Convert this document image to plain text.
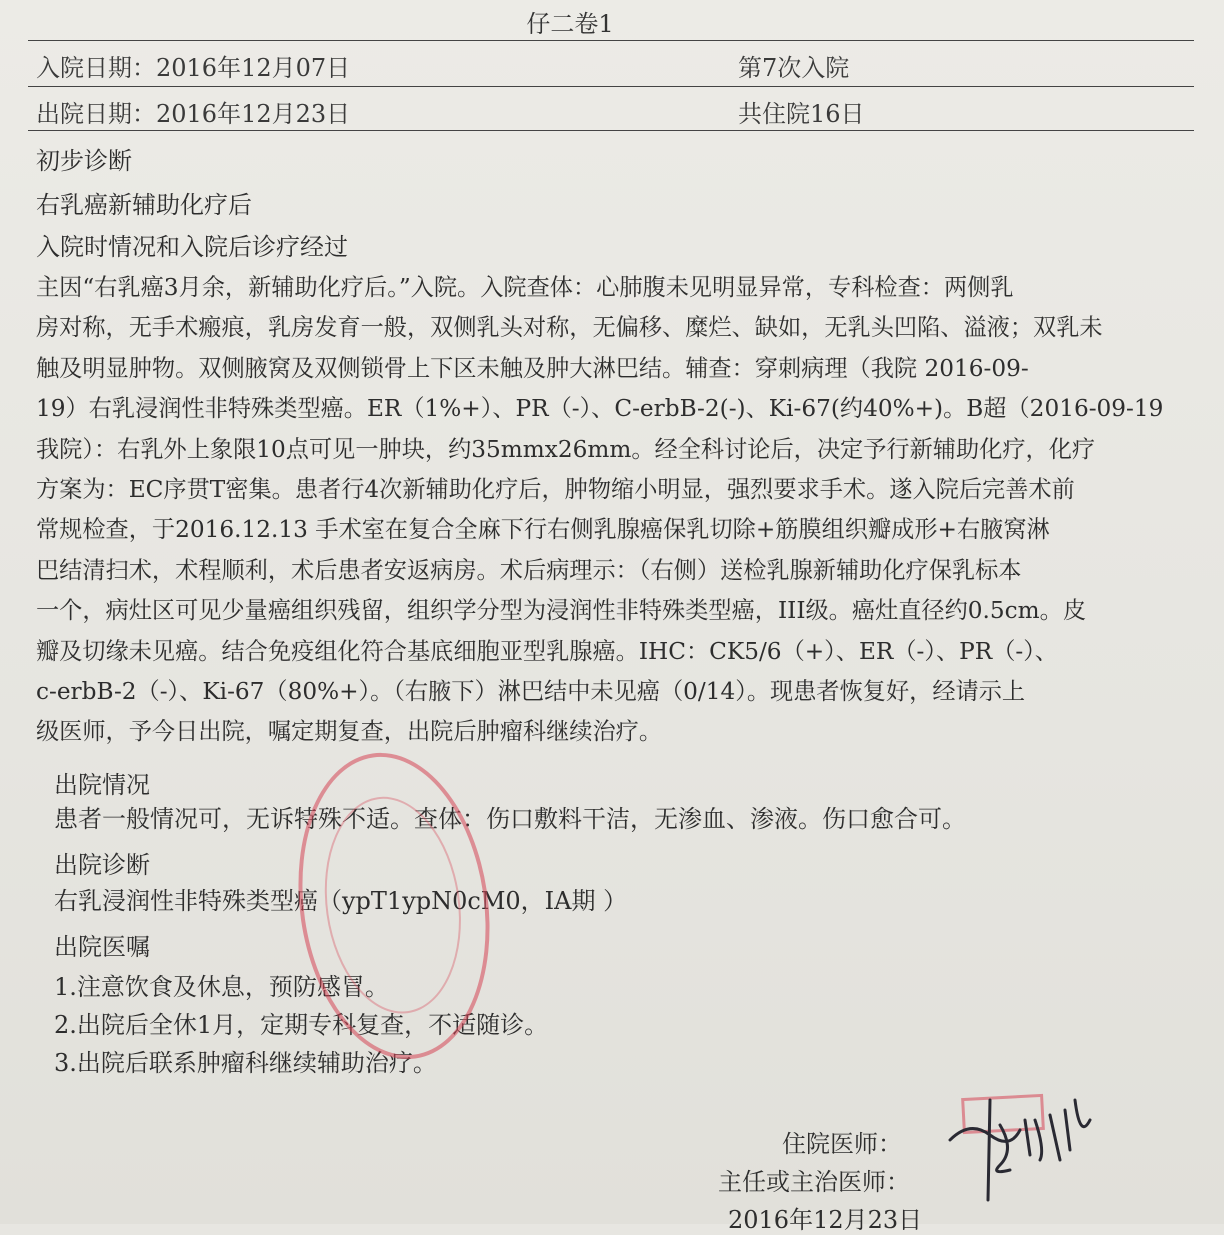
仔二卷1
入院日期：2016年12月07日	第7次入院
出院日期：2016年12月23日	共住院16日
初步诊断
右乳癌新辅助化疗后
入院时情况和入院后诊疗经过
主因“右乳癌3月余，新辅助化疗后。”入院。入院查体：心肺腹未见明显异常，专科检查：两侧乳
房对称，无手术瘢痕，乳房发育一般，双侧乳头对称，无偏移、糜烂、缺如，无乳头凹陷、溢液；双乳未
触及明显肿物。双侧腋窝及双侧锁骨上下区未触及肿大淋巴结。辅查：穿刺病理（我院 2016-09-
19）右乳浸润性非特殊类型癌。ER（1%+）、PR（-）、C-erbB-2(-)、Ki-67(约40%+)。B超（2016-09-19
我院）：右乳外上象限10点可见一肿块，约35mmx26mm。经全科讨论后，决定予行新辅助化疗，化疗
方案为：EC序贯T密集。患者行4次新辅助化疗后，肿物缩小明显，强烈要求手术。遂入院后完善术前
常规检查，于2016.12.13 手术室在复合全麻下行右侧乳腺癌保乳切除+筋膜组织瓣成形+右腋窝淋
巴结清扫术，术程顺利，术后患者安返病房。术后病理示：（右侧）送检乳腺新辅助化疗保乳标本
一个，病灶区可见少量癌组织残留，组织学分型为浸润性非特殊类型癌，III级。癌灶直径约0.5cm。皮
瓣及切缘未见癌。结合免疫组化符合基底细胞亚型乳腺癌。IHC：CK5/6（+）、ER（-）、PR（-）、
c-erbB-2（-）、Ki-67（80%+）。（右腋下）淋巴结中未见癌（0/14）。现患者恢复好，经请示上
级医师，予今日出院，嘱定期复查，出院后肿瘤科继续治疗。
出院情况
患者一般情况可，无诉特殊不适。查体：伤口敷料干洁，无渗血、渗液。伤口愈合可。
出院诊断
右乳浸润性非特殊类型癌（ypT1ypN0cM0，IA期 ）
出院医嘱
1.注意饮食及休息，预防感冒。
2.出院后全休1月，定期专科复查，不适随诊。
3.出院后联系肿瘤科继续辅助治疗。
住院医师：
主任或主治医师：
2016年12月23日
